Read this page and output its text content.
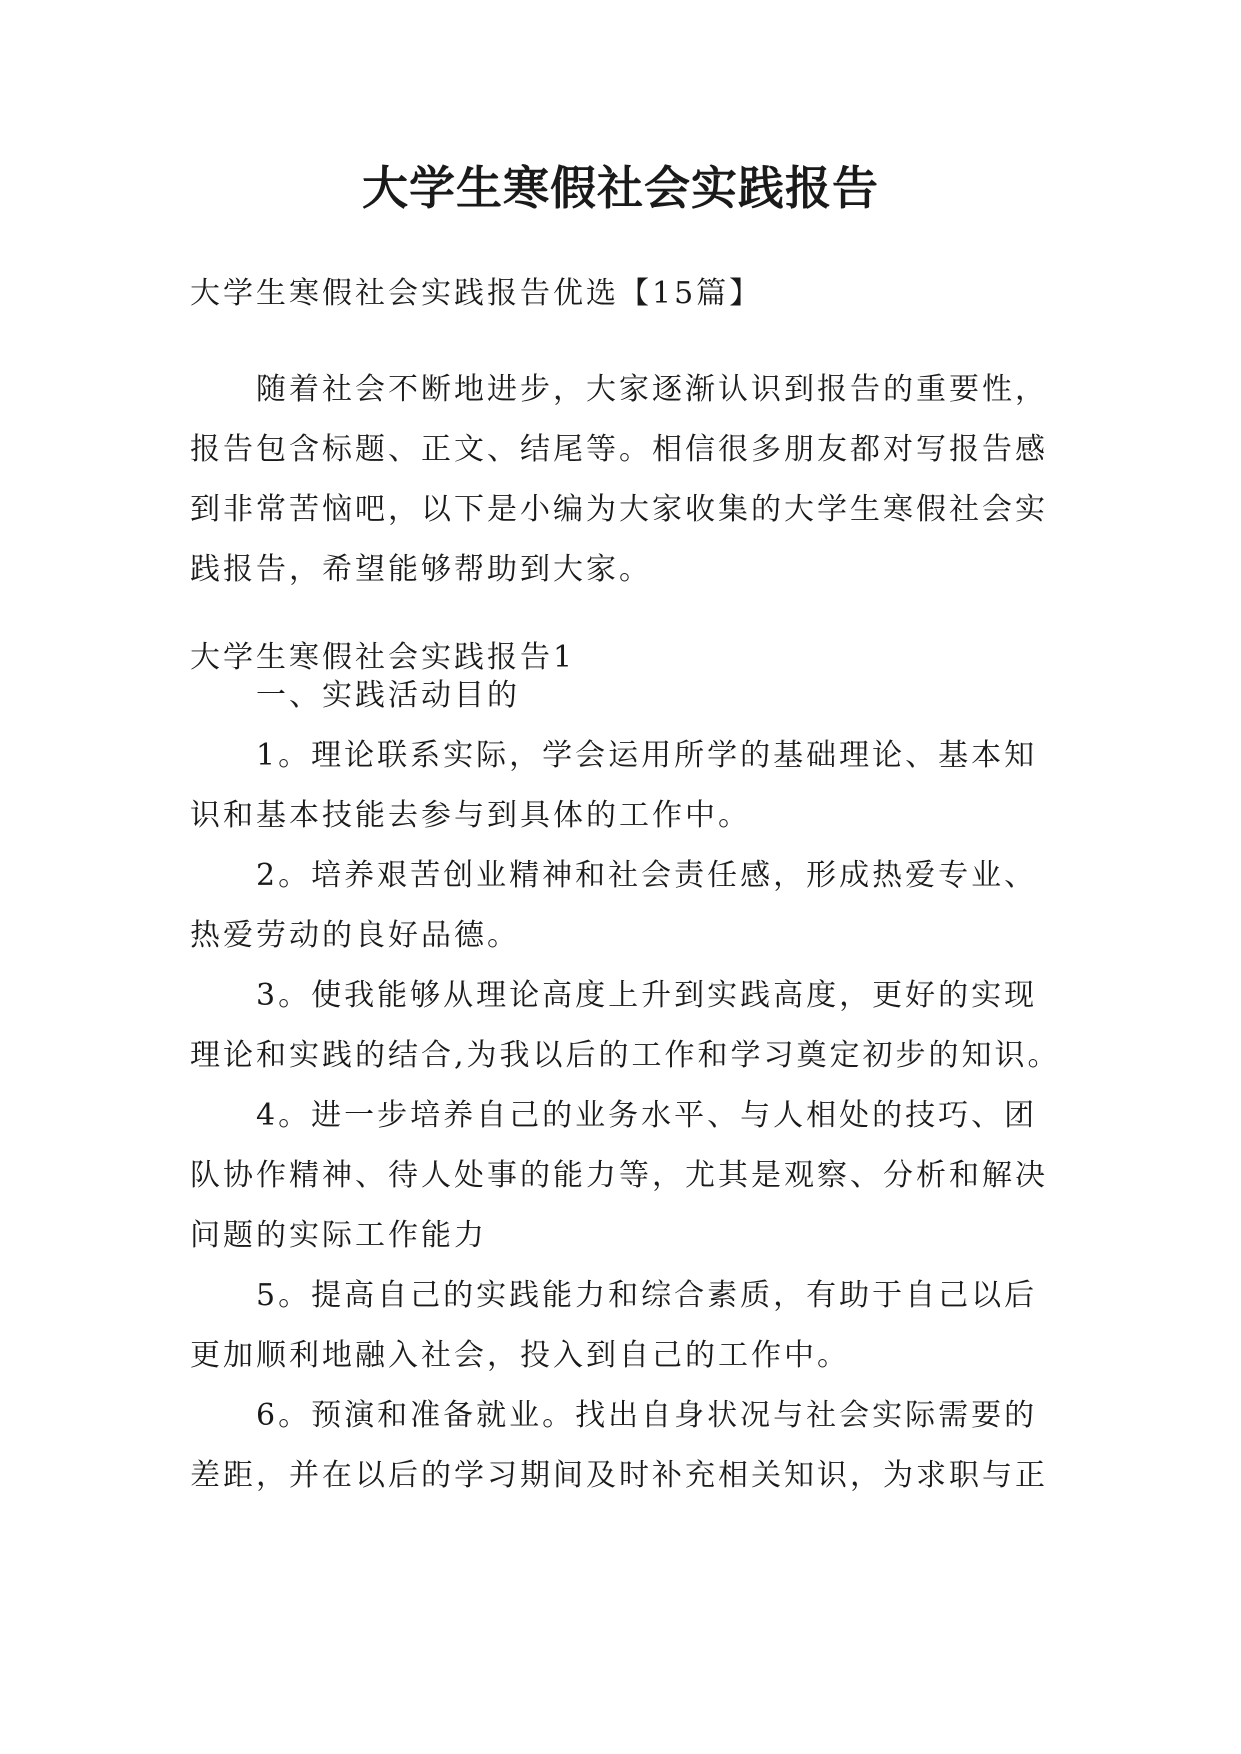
大学生寒假社会实践报告
大学生寒假社会实践报告优选【15篇】
随着社会不断地进步，大家逐渐认识到报告的重要性，
报告包含标题、正文、结尾等。相信很多朋友都对写报告感
到非常苦恼吧，以下是小编为大家收集的大学生寒假社会实
践报告，希望能够帮助到大家。
大学生寒假社会实践报告1
一、实践活动目的
1。理论联系实际，学会运用所学的基础理论、基本知
识和基本技能去参与到具体的工作中。
2。培养艰苦创业精神和社会责任感，形成热爱专业、
热爱劳动的良好品德。
3。使我能够从理论高度上升到实践高度，更好的实现
理论和实践的结合,为我以后的工作和学习奠定初步的知识。
4。进一步培养自己的业务水平、与人相处的技巧、团
队协作精神、待人处事的能力等，尤其是观察、分析和解决
问题的实际工作能力
5。提高自己的实践能力和综合素质，有助于自己以后
更加顺利地融入社会，投入到自己的工作中。
6。预演和准备就业。找出自身状况与社会实际需要的
差距，并在以后的学习期间及时补充相关知识，为求职与正
